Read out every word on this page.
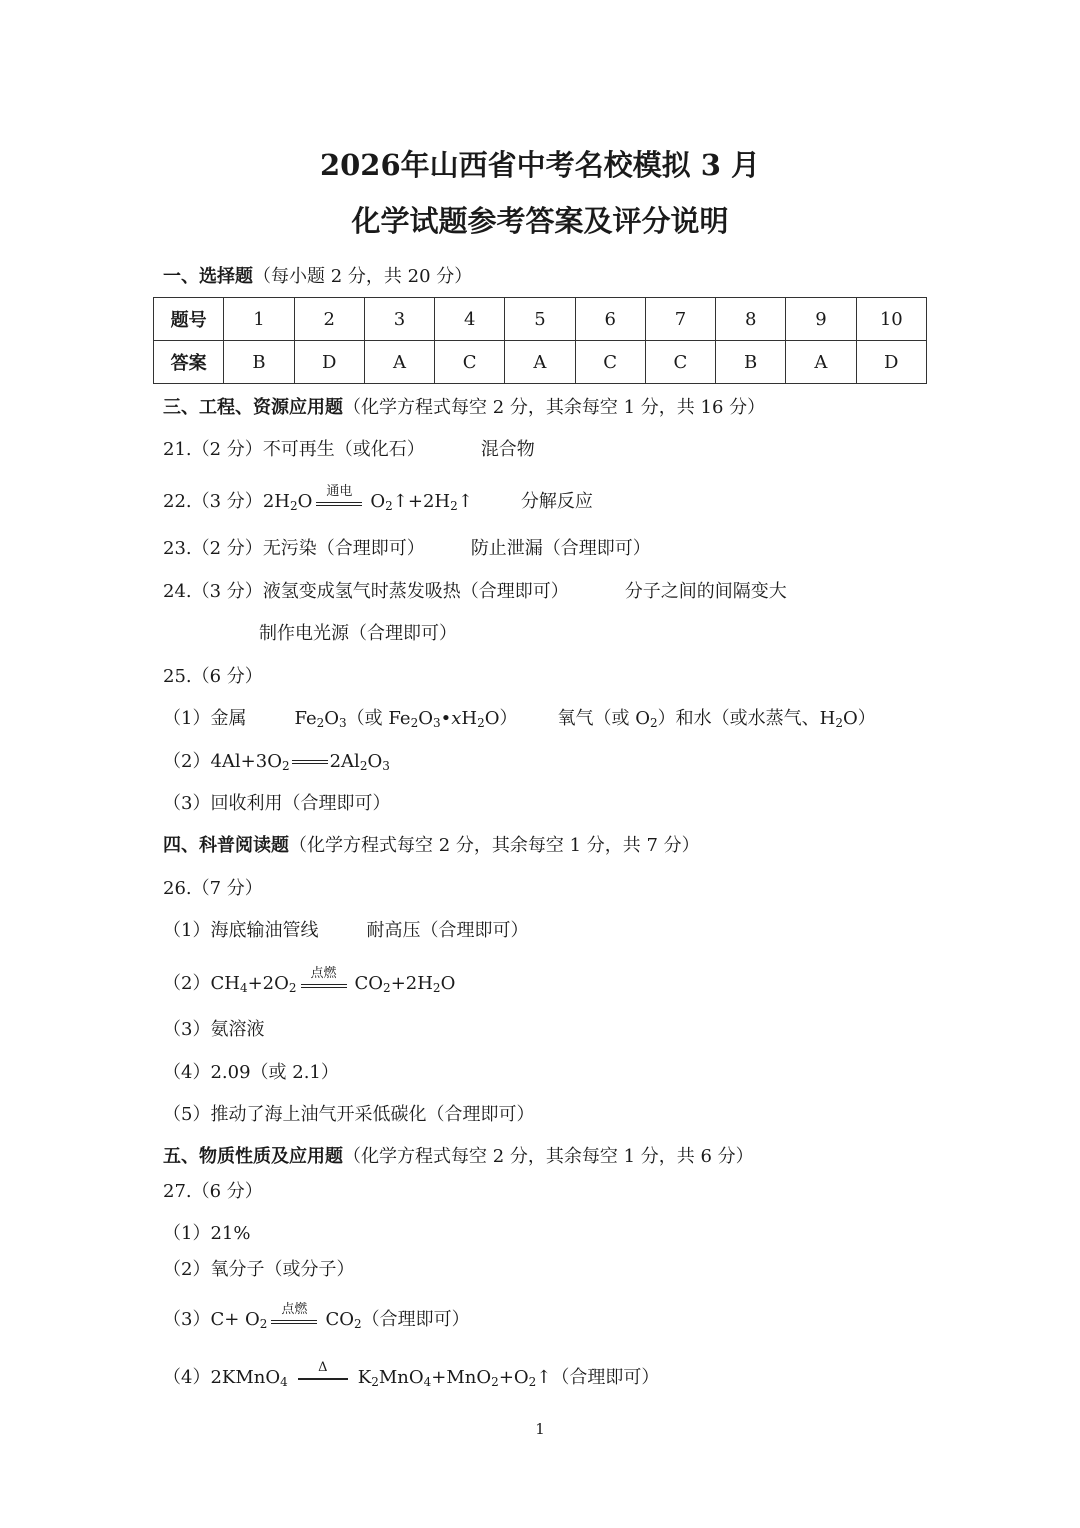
2026年山西省中考名校模拟 3 月
化学试题参考答案及评分说明
一、选择题（每小题 2 分，共 20 分）
题号	1	2	3	4	5	6	7	8	9	10
答案	B	D	A	C	A	C	C	B	A	D
三、工程、资源应用题（化学方程式每空 2 分，其余每空 1 分，共 16 分）
21.（2 分）不可再生（或化石）	混合物
22.（3 分）$2H_2O$	通电	$O_2↑+2H_2↑$	分解反应
23.（2 分）无污染（合理即可）	防止泄漏（合理即可）
24.（3 分）液氢变成氢气时蒸发吸热（合理即可）	分子之间的间隔变大
制作电光源（合理即可）
25.（6 分）
（1）金属	$Fe_2O_3$（或 $Fe_2O_3•xH_2O$） 氧气（或 $O_2$）和水（或水蒸气、$H_2O$）
$(2)4Al+3O_2$ $2Al_2O_3$
（3）回收利用（合理即可）
四、科普阅读题（化学方程式每空 2 分，其余每空 1 分，共 7 分）
26.（7 分）
（1）海底输油管线	耐高压（合理即可）
$(2)CH_4+2O_2$
点燃	$CO_2+2H_2O$
（3）氨溶液
（4）2.09（或 2.1）
（5）推动了海上油气开采低碳化（合理即可）
五、物质性质及应用题（化学方程式每空 2 分，其余每空 1 分，共 6 分）
27.（6 分）
（1）21%
（2）氧分子（或分子）
$(3)C+ O_2$
点燃	$CO_2$（合理即可）
（4）2KMnO$_4$
Δ	$K_2MnO_4+MnO_2+O_2↑$（合理即可）
1
